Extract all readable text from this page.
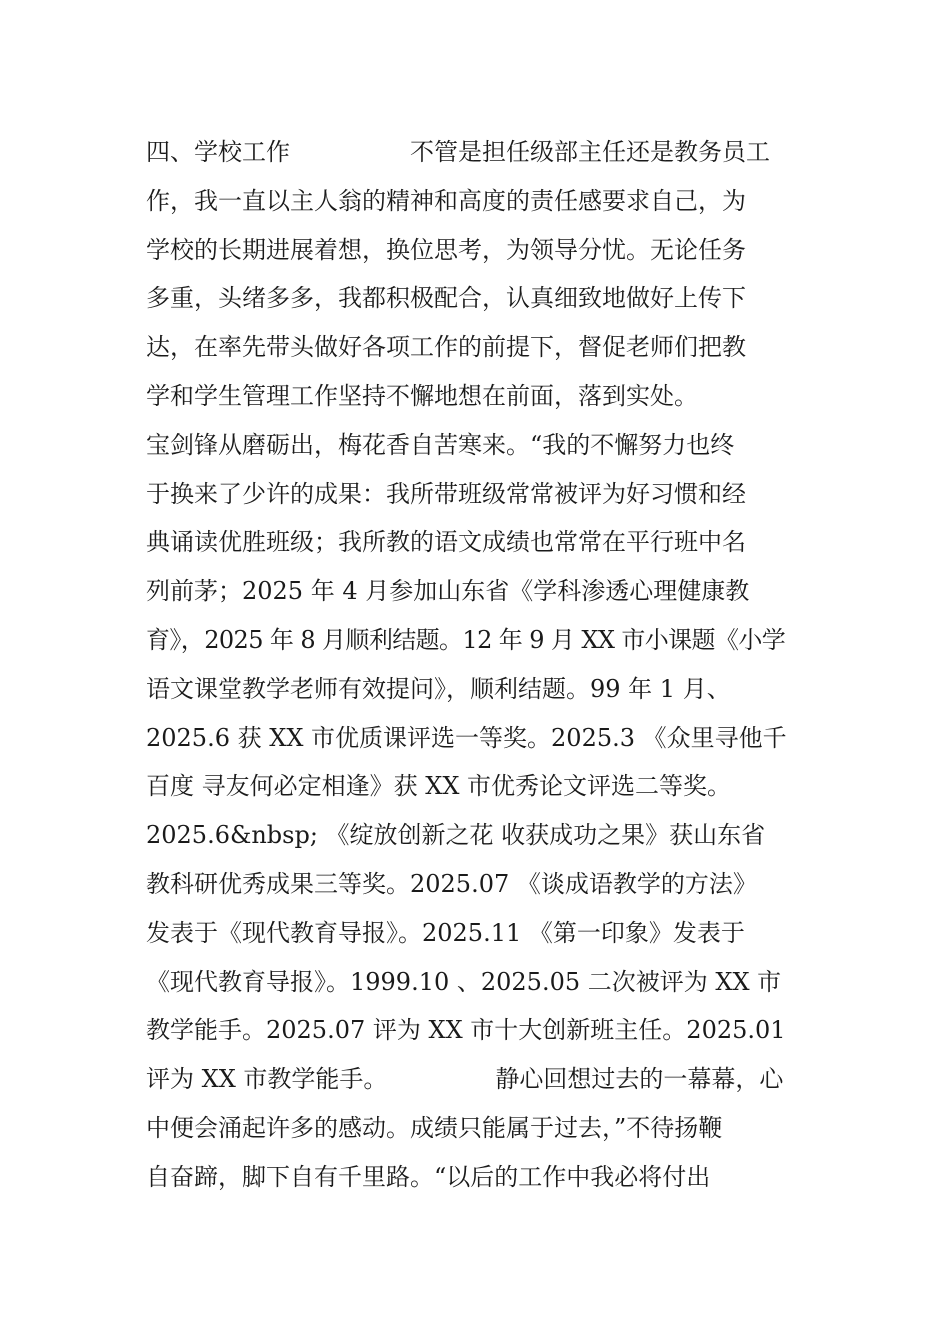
四、学校工作　　　　　不管是担任级部主任还是教务员工
作，我一直以主人翁的精神和高度的责任感要求自己，为
学校的长期进展着想，换位思考，为领导分忧。无论任务
多重，头绪多多，我都积极配合，认真细致地做好上传下
达，在率先带头做好各项工作的前提下，督促老师们把教
学和学生管理工作坚持不懈地想在前面，落到实处。
宝剑锋从磨砺出，梅花香自苦寒来。“我的不懈努力也终
于换来了少许的成果：我所带班级常常被评为好习惯和经
典诵读优胜班级；我所教的语文成绩也常常在平行班中名
列前茅；2025 年 4 月参加山东省《学科渗透心理健康教
育》，2025 年 8 月顺利结题。12 年 9 月 XX 市小课题《小学
语文课堂教学老师有效提问》，顺利结题。99 年 1 月、
2025.6 获 XX 市优质课评选一等奖。2025.3 《众里寻他千
百度 寻友何必定相逢》获 XX 市优秀论文评选二等奖。
2025.6&nbsp; 《绽放创新之花 收获成功之果》获山东省
教科研优秀成果三等奖。2025.07 《谈成语教学的方法》
发表于《现代教育导报》。2025.11 《第一印象》发表于
《现代教育导报》。1999.10 、2025.05 二次被评为 XX 市
教学能手。2025.07 评为 XX 市十大创新班主任。2025.01
评为 XX 市教学能手。　　　　　静心回想过去的一幕幕，心
中便会涌起许多的感动。成绩只能属于过去，”不待扬鞭
自奋蹄，脚下自有千里路。“以后的工作中我必将付出
